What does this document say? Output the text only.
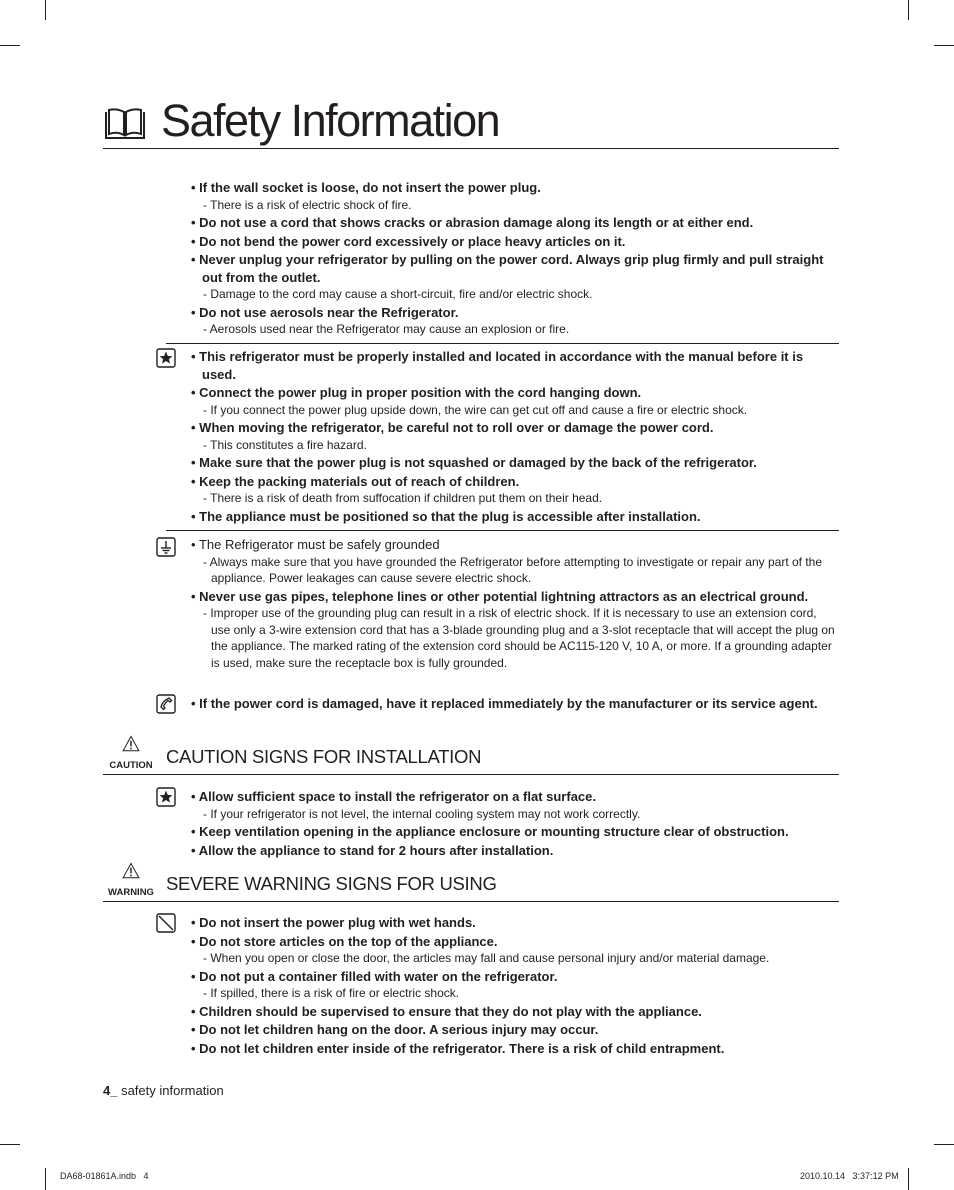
Safety Information

• If the wall socket is loose, do not insert the power plug.

- There is a risk of electric shock of fire.

• Do not use a cord that shows cracks or abrasion damage along its length or at either end.

• Do not bend the power cord excessively or place heavy articles on it.

• Never unplug your refrigerator by pulling on the power cord. Always grip plug firmly and pull straight out from the outlet.

- Damage to the cord may cause a short-circuit, fire and/or electric shock.

• Do not use aerosols near the Refrigerator.

- Aerosols used near the Refrigerator may cause an explosion or fire.

• This refrigerator must be properly installed and located in accordance with the manual before it is used.

• Connect the power plug in proper position with the cord hanging down.

- If you connect the power plug upside down, the wire can get cut off and cause a fire or electric shock.

• When moving the refrigerator, be careful not to roll over or damage the power cord.

- This constitutes a fire hazard.

• Make sure that the power plug is not squashed or damaged by the back of the refrigerator.

• Keep the packing materials out of reach of children.

- There is a risk of death from suffocation if children put them on their head.

• The appliance must be positioned so that the plug is accessible after installation.

• The Refrigerator must be safely grounded

- Always make sure that you have grounded the Refrigerator before attempting to investigate or repair any part of the appliance. Power leakages can cause severe electric shock.

• Never use gas pipes, telephone lines or other potential lightning attractors as an electrical ground.

- Improper use of the grounding plug can result in a risk of electric shock. If it is necessary to use an extension cord, use only a 3-wire extension cord that has a 3-blade grounding plug and a 3-slot receptacle that will accept the plug on the appliance. The marked rating of the extension cord should be AC115-120 V, 10 A, or more. If a grounding adapter is used, make sure the receptacle box is fully grounded.

• If the power cord is damaged, have it replaced immediately by the manufacturer or its service agent.

CAUTION CAUTION SIGNS FOR INSTALLATION

• Allow sufficient space to install the refrigerator on a flat surface.

- If your refrigerator is not level, the internal cooling system may not work correctly.

• Keep ventilation opening in the appliance enclosure or mounting structure clear of obstruction.

• Allow the appliance to stand for 2 hours after installation.

WARNING SEVERE WARNING SIGNS FOR USING

• Do not insert the power plug with wet hands.

• Do not store articles on the top of the appliance.

- When you open or close the door, the articles may fall and cause personal injury and/or material damage.

• Do not put a container filled with water on the refrigerator.

- If spilled, there is a risk of fire or electric shock.

• Children should be supervised to ensure that they do not play with the appliance.

• Do not let children hang on the door. A serious injury may occur.

• Do not let children enter inside of the refrigerator. There is a risk of child entrapment.

4_ safety information
DA68-01861A.indb   4	2010.10.14   3:37:12 PM
